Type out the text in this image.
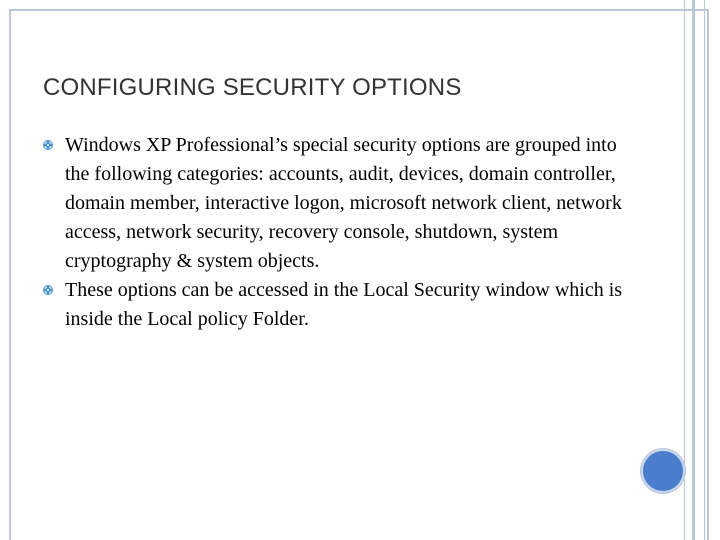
CONFIGURING SECURITY OPTIONS
Windows XP Professional’s special security options are grouped into the following categories: accounts, audit, devices, domain controller, domain member, interactive logon, microsoft network client, network access, network security, recovery console, shutdown, system cryptography & system objects.
These options can be accessed in the Local Security window which is inside the Local policy Folder.
